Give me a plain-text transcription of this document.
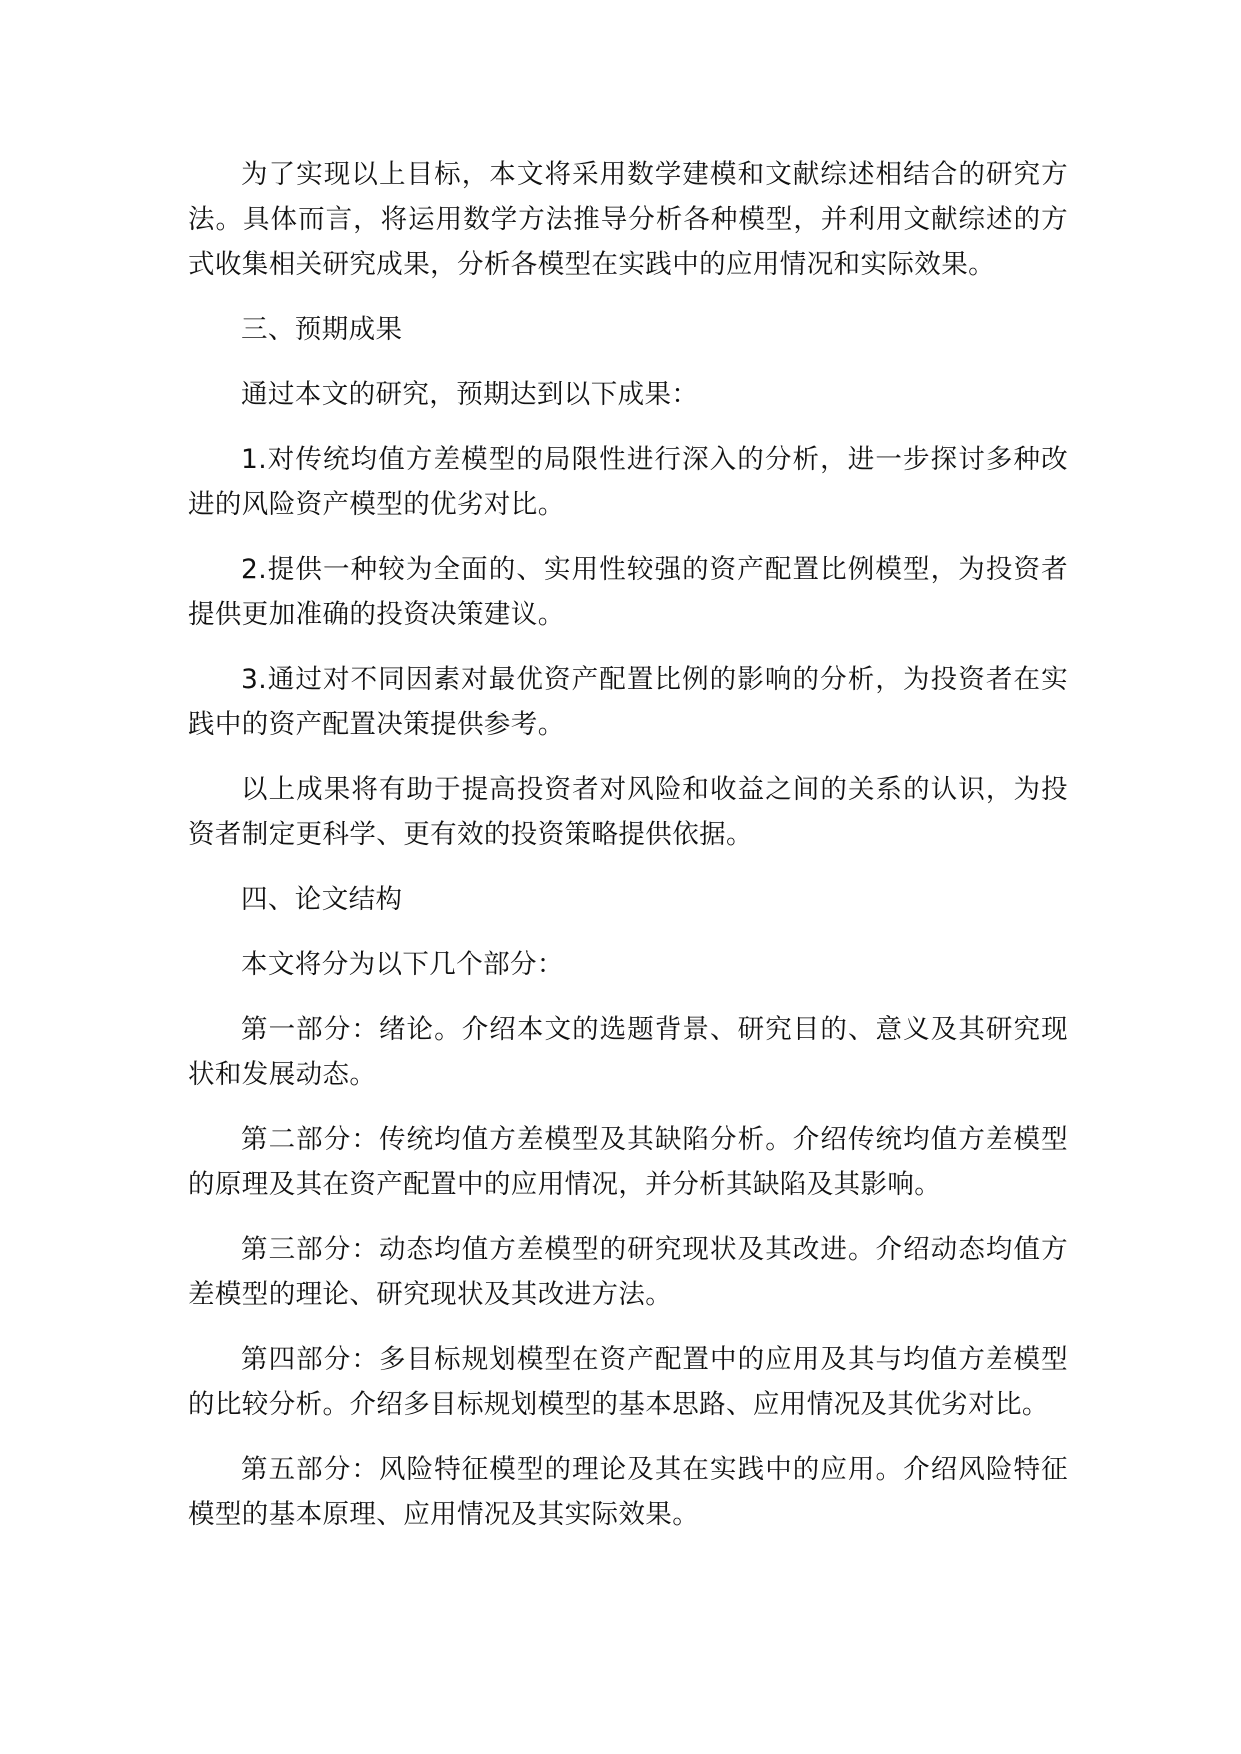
为了实现以上目标，本文将采用数学建模和文献综述相结合的研究方法。具体而言，将运用数学方法推导分析各种模型，并利用文献综述的方式收集相关研究成果，分析各模型在实践中的应用情况和实际效果。

三、预期成果

通过本文的研究，预期达到以下成果：

1.对传统均值方差模型的局限性进行深入的分析，进一步探讨多种改进的风险资产模型的优劣对比。

2.提供一种较为全面的、实用性较强的资产配置比例模型，为投资者提供更加准确的投资决策建议。

3.通过对不同因素对最优资产配置比例的影响的分析，为投资者在实践中的资产配置决策提供参考。

以上成果将有助于提高投资者对风险和收益之间的关系的认识，为投资者制定更科学、更有效的投资策略提供依据。

四、论文结构

本文将分为以下几个部分：

第一部分：绪论。介绍本文的选题背景、研究目的、意义及其研究现状和发展动态。

第二部分：传统均值方差模型及其缺陷分析。介绍传统均值方差模型的原理及其在资产配置中的应用情况，并分析其缺陷及其影响。

第三部分：动态均值方差模型的研究现状及其改进。介绍动态均值方差模型的理论、研究现状及其改进方法。

第四部分：多目标规划模型在资产配置中的应用及其与均值方差模型的比较分析。介绍多目标规划模型的基本思路、应用情况及其优劣对比。

第五部分：风险特征模型的理论及其在实践中的应用。介绍风险特征模型的基本原理、应用情况及其实际效果。
